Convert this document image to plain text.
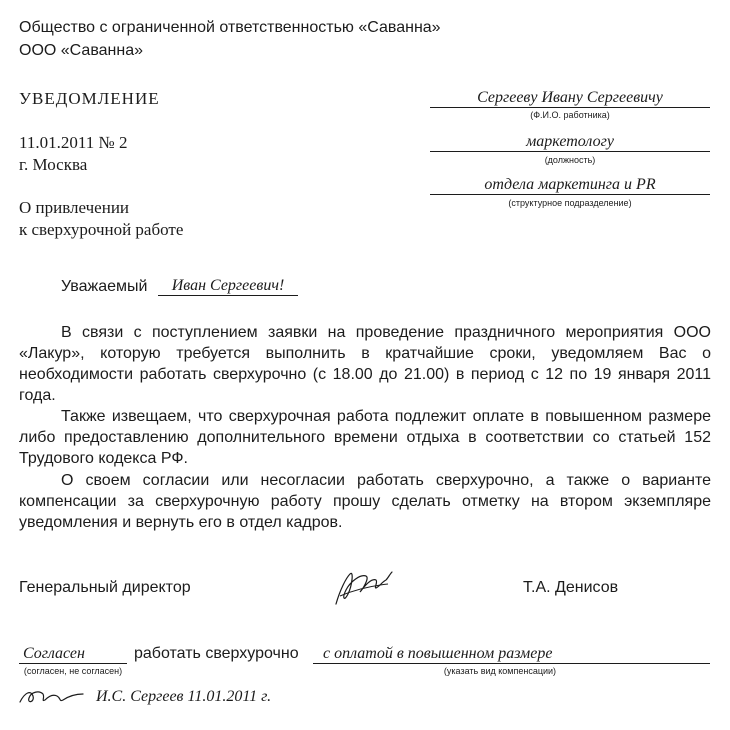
Общество с ограниченной ответственностью «Саванна»
ООО «Саванна»
УВЕДОМЛЕНИЕ
11.01.2011 № 2
г. Москва
О привлечении
к сверхурочной работе
Сергееву Ивану Сергеевичу
(Ф.И.О. работника)
маркетологу
(должность)
отдела маркетинга и PR
(структурное подразделение)
Уважаемый	Иван Сергеевич!
В связи с поступлением заявки на проведение праздничного мероприятия ООО «Лакур», которую требуется выполнить в кратчайшие сроки, уведомляем Вас о необходимости работать сверхурочно (с 18.00 до 21.00) в период с 12 по 19 января 2011 года.
Также извещаем, что сверхурочная работа подлежит оплате в повышенном размере либо предоставлению дополнительного времени отдыха в соответствии со статьей 152 Трудового кодекса РФ.
О своем согласии или несогласии работать сверхурочно, а также о варианте компенсации за сверхурочную работу прошу сделать отметку на втором экземпляре уведомления и вернуть его в отдел кадров.
Генеральный директор	Т.А. Денисов
Согласен
(согласен, не согласен)
работать сверхурочно	с оплатой в повышенном размере
(указать вид компенсации)
И.С. Сергеев 11.01.2011 г.
